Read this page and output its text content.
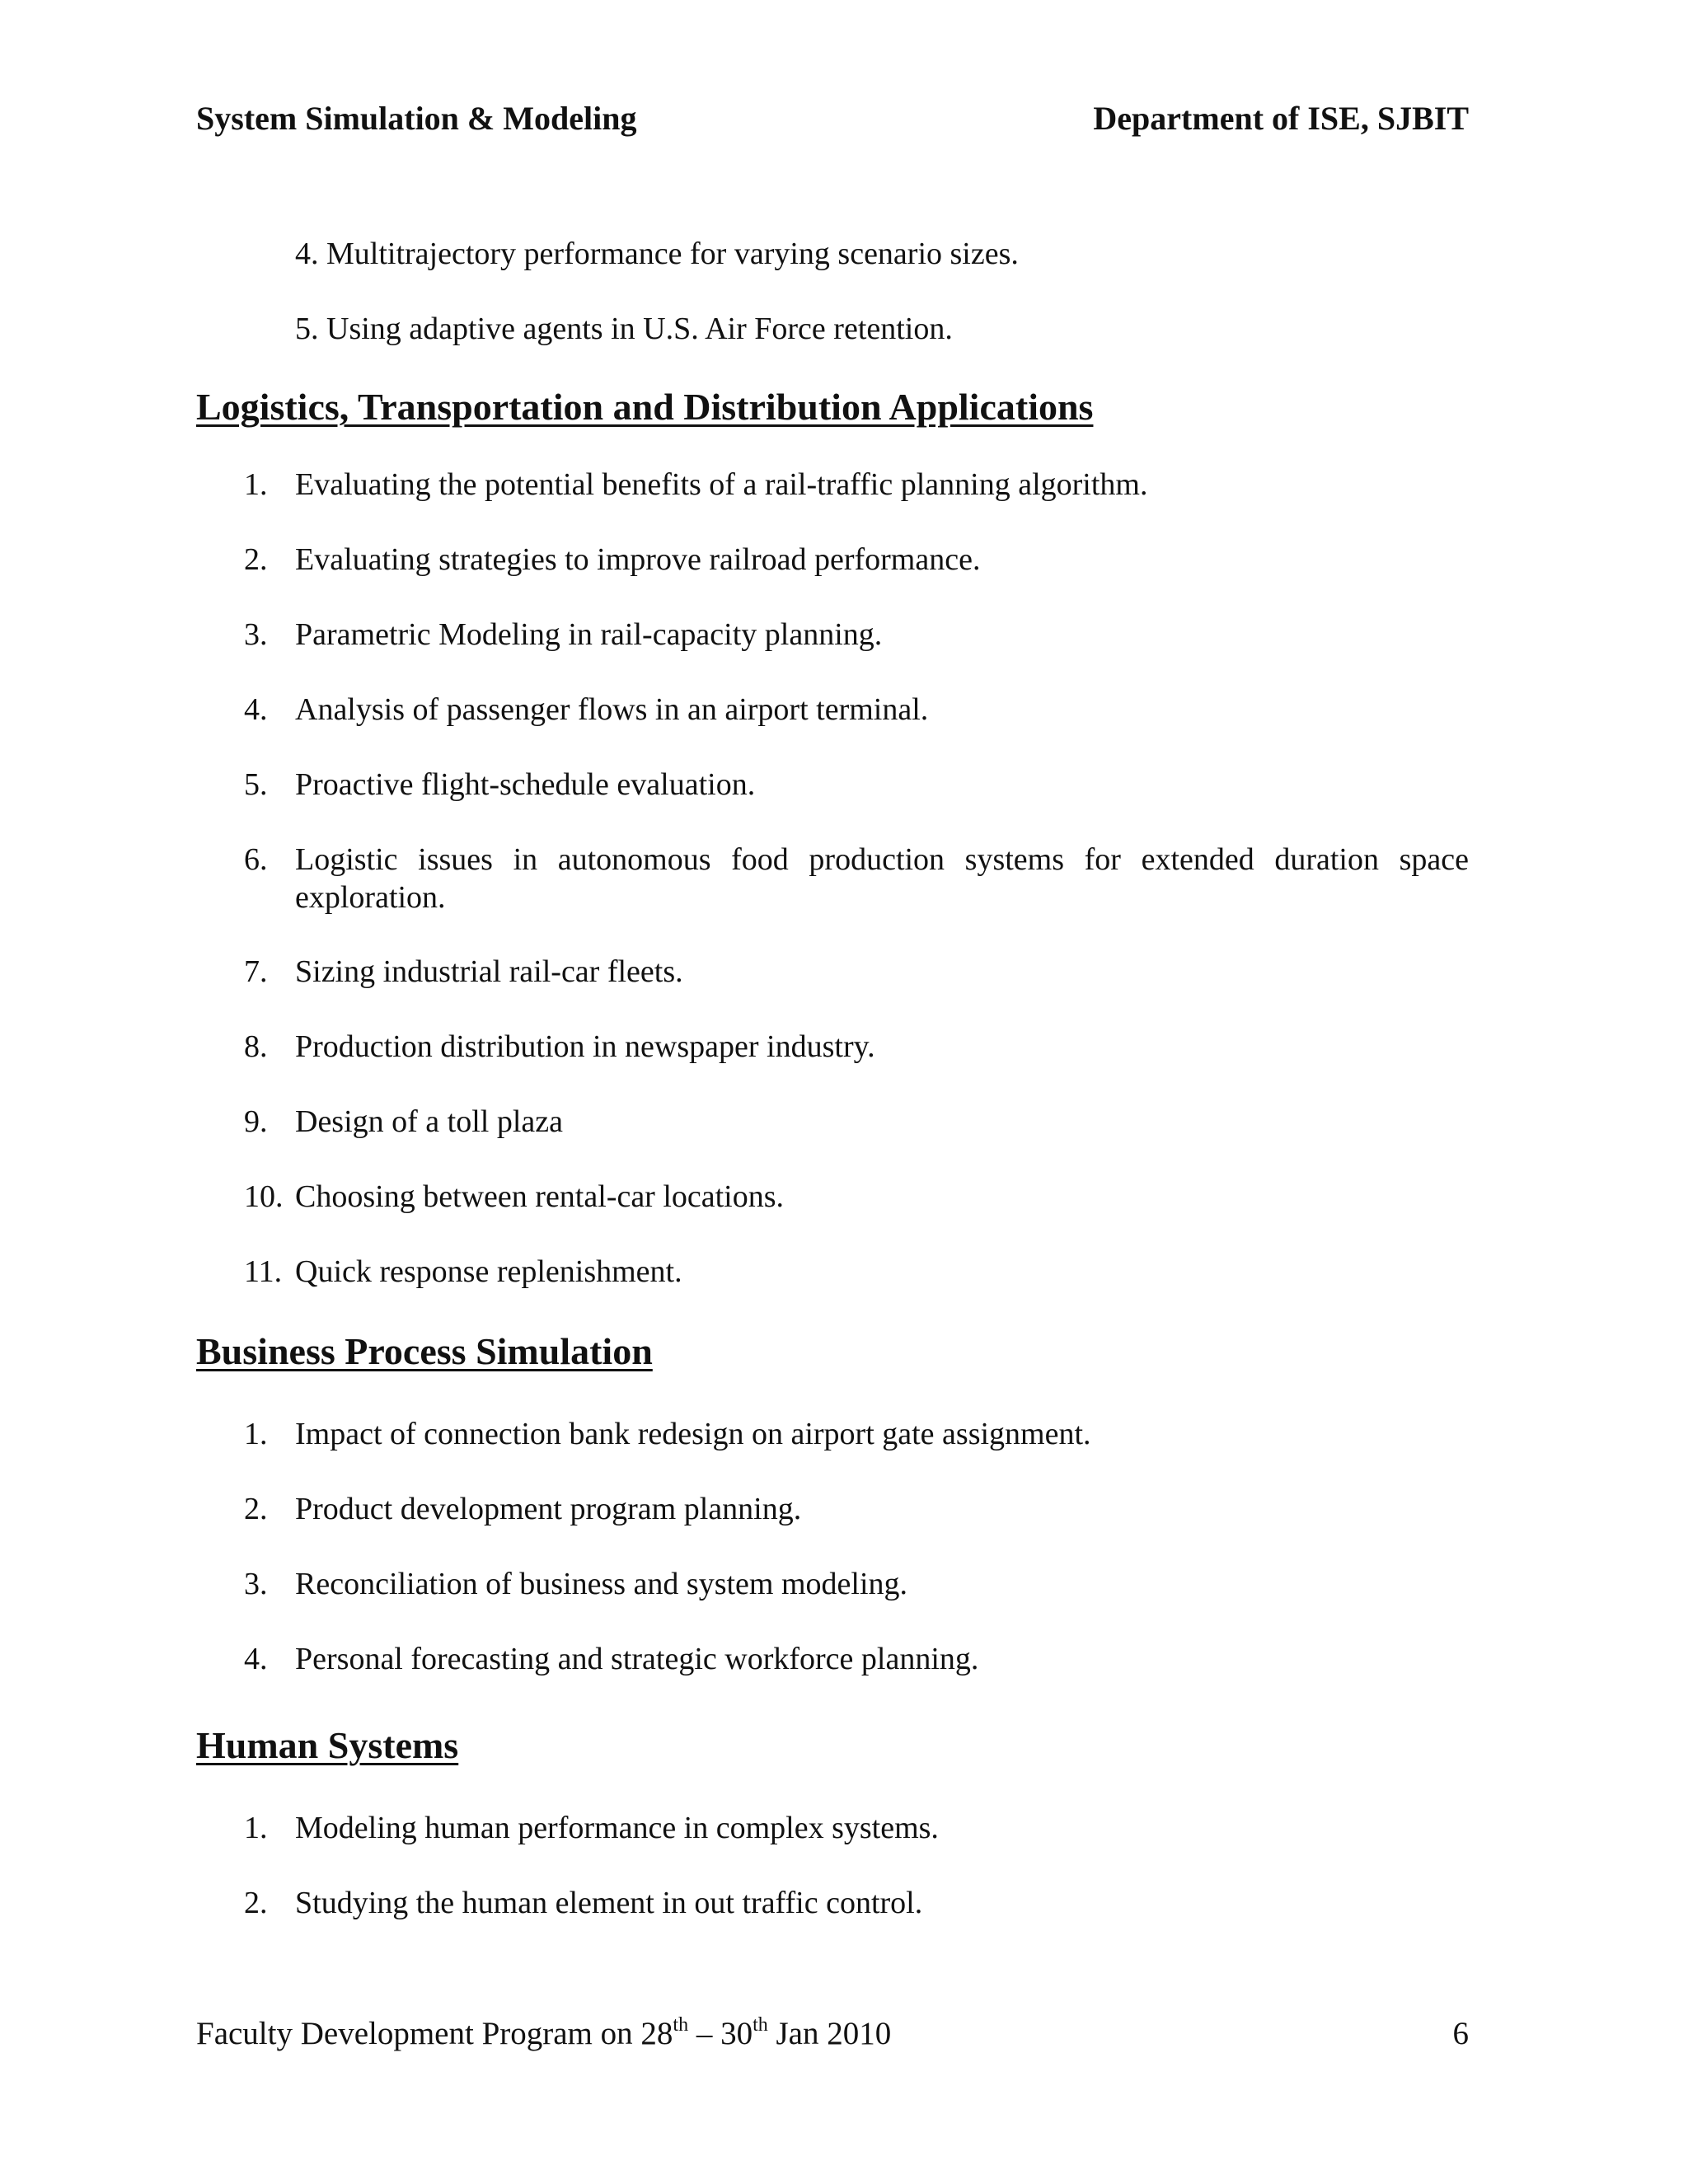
System Simulation & Modeling	Department of ISE, SJBIT
4. Multitrajectory performance for varying scenario sizes.
5. Using adaptive agents in U.S. Air Force retention.
Logistics, Transportation and Distribution Applications
1. Evaluating the potential benefits of a rail-traffic planning algorithm.
2. Evaluating strategies to improve railroad performance.
3. Parametric Modeling in rail-capacity planning.
4. Analysis of passenger flows in an airport terminal.
5. Proactive flight-schedule evaluation.
6. Logistic issues in autonomous food production systems for extended duration space exploration.
7. Sizing industrial rail-car fleets.
8. Production distribution in newspaper industry.
9. Design of a toll plaza
10. Choosing between rental-car locations.
11. Quick response replenishment.
Business Process Simulation
1. Impact of connection bank redesign on airport gate assignment.
2. Product development program planning.
3. Reconciliation of business and system modeling.
4. Personal forecasting and strategic workforce planning.
Human Systems
1. Modeling human performance in complex systems.
2. Studying the human element in out traffic control.
Faculty Development Program on 28th – 30th Jan 2010	6
